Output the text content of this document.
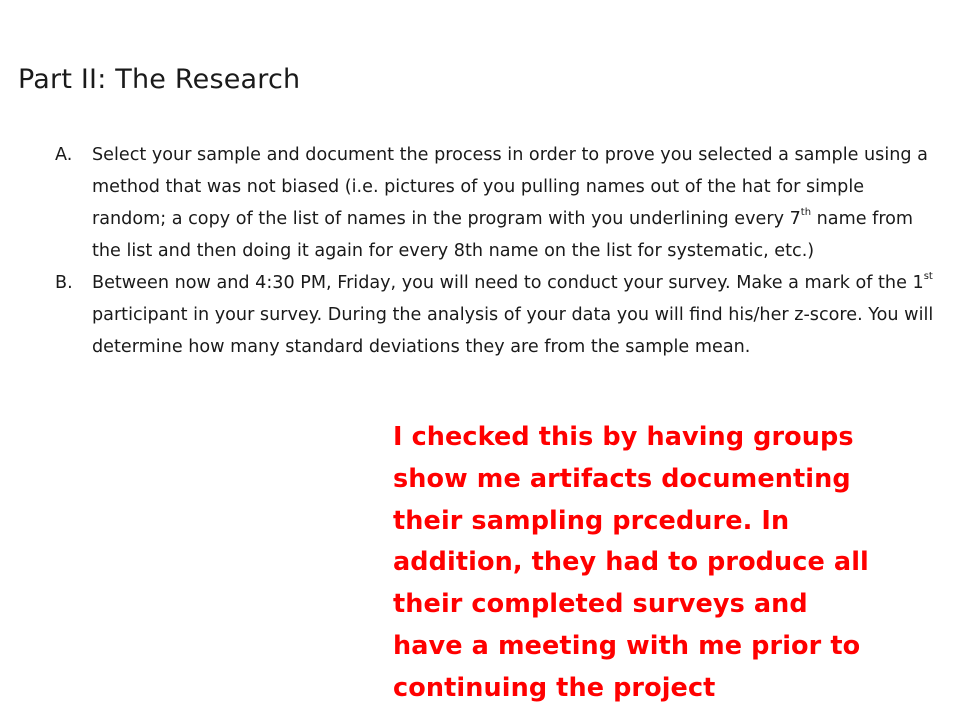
Part II: The Research
A.	Select your sample and document the process in order to prove you selected a sample using a method that was not biased (i.e. pictures of you pulling names out of the hat for simple random; a copy of the list of names in the program with you underlining every 7th name from the list and then doing it again for every 8th name on the list for systematic, etc.)
B.	Between now and 4:30 PM, Friday, you will need to conduct your survey. Make a mark of the 1st participant in your survey. During the analysis of your data you will find his/her z-score. You will determine how many standard deviations they are from the sample mean.
I checked this by having groups
show me artifacts documenting
their sampling prcedure. In
addition, they had to produce all
their completed surveys and
have a meeting with me prior to
continuing the project
